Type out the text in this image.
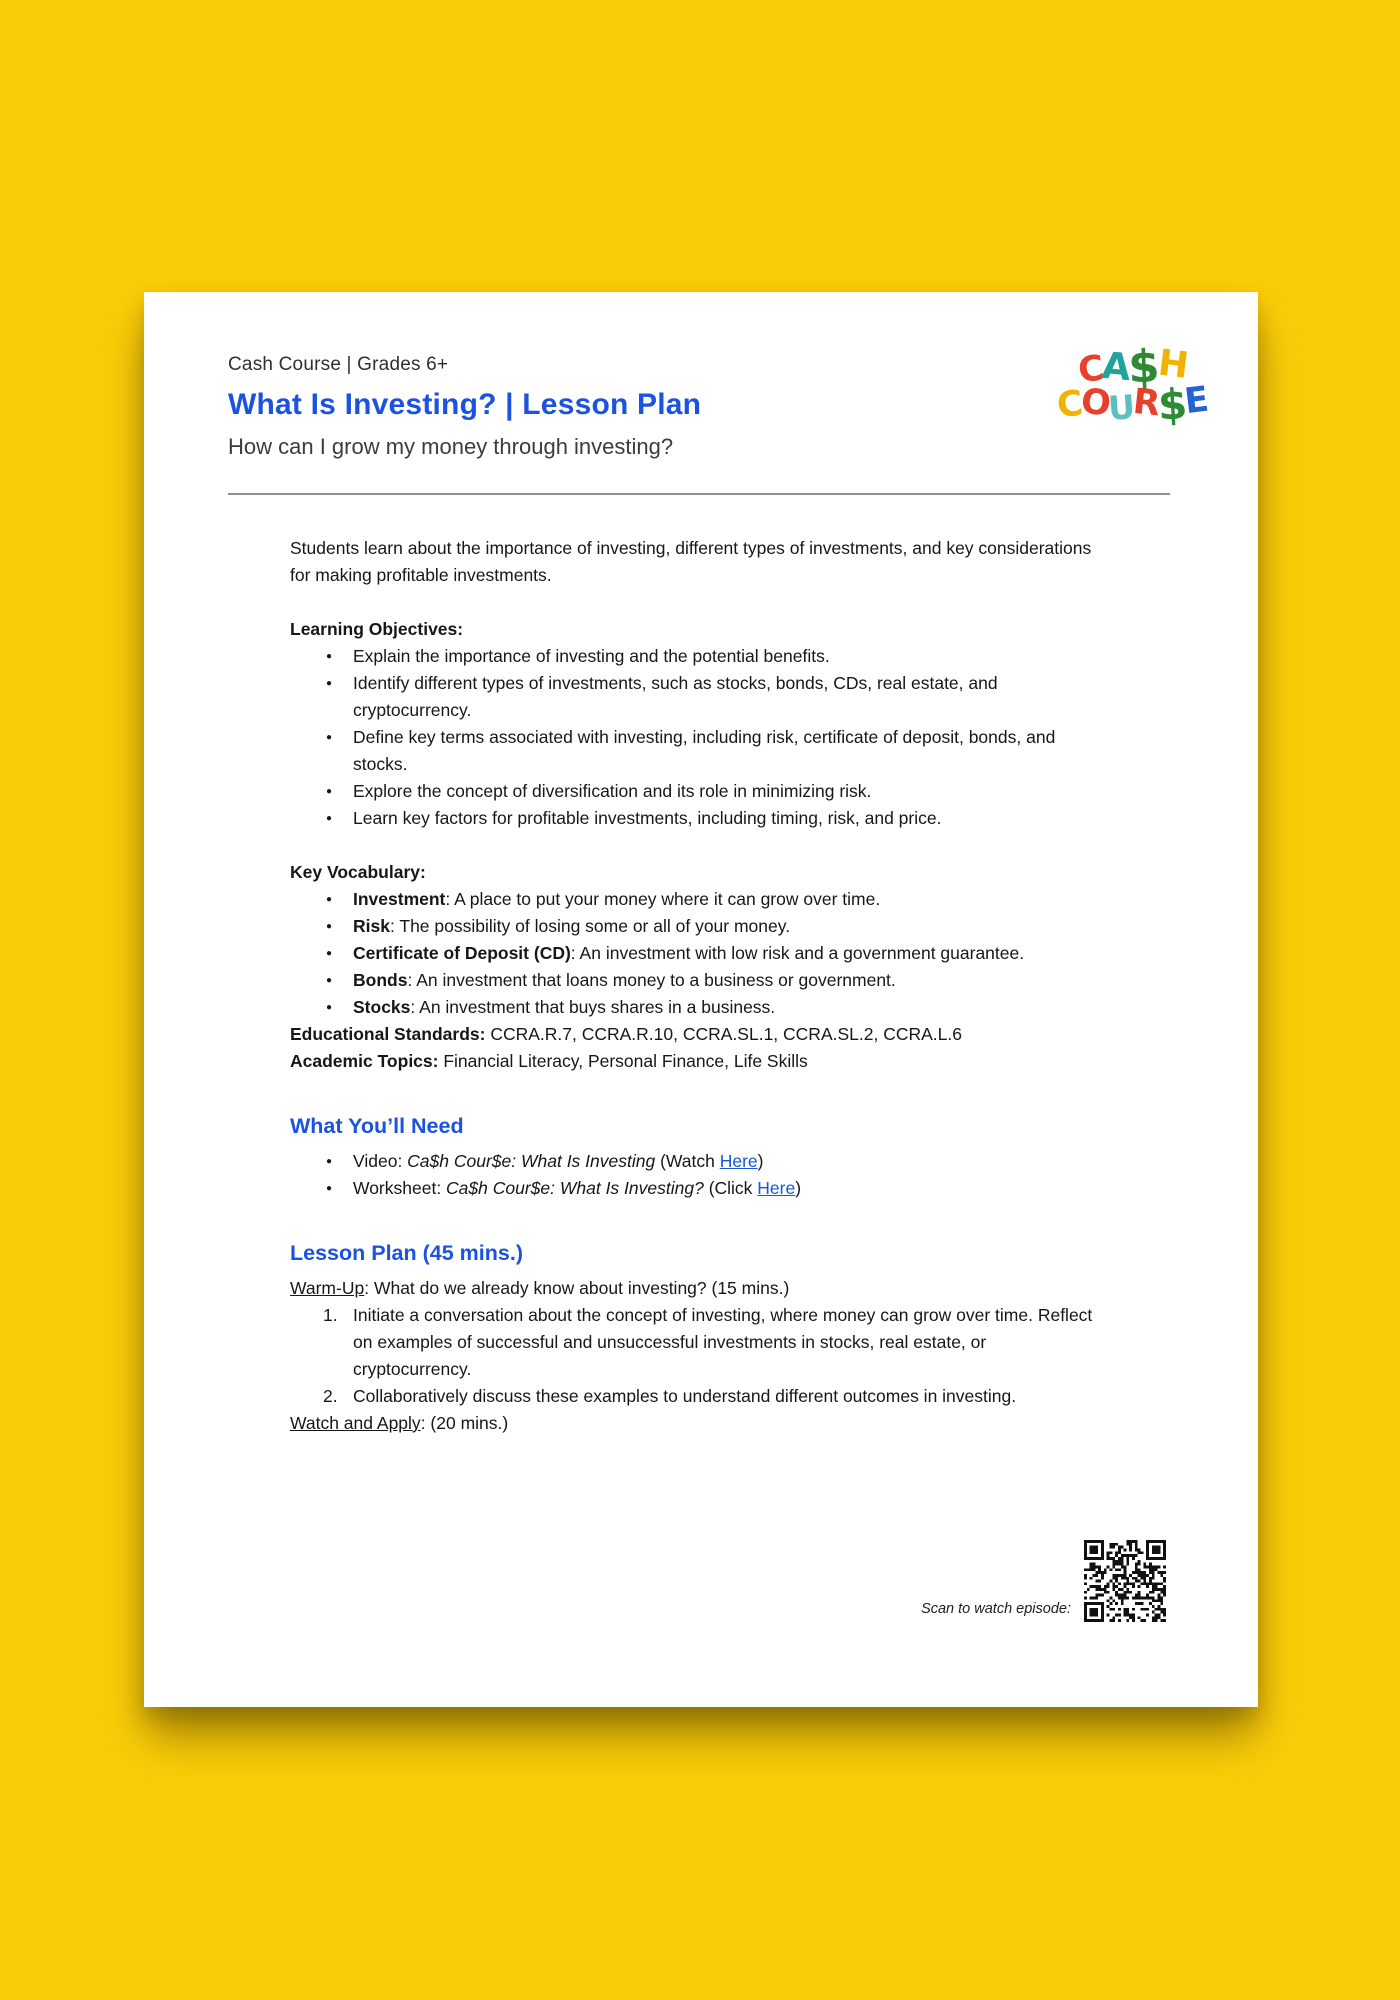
Cash Course | Grades 6+
What Is Investing? | Lesson Plan
How can I grow my money through investing?
C
A
$
H
C
O
U
R
$
E

Students learn about the importance of investing, different types of investments, and key considerations for making profitable investments.

Learning Objectives:

● Explain the importance of investing and the potential benefits.
● Identify different types of investments, such as stocks, bonds, CDs, real estate, and cryptocurrency.
● Define key terms associated with investing, including risk, certificate of deposit, bonds, and stocks.
● Explore the concept of diversification and its role in minimizing risk.
● Learn key factors for profitable investments, including timing, risk, and price.

Key Vocabulary:

● Investment: A place to put your money where it can grow over time.
● Risk: The possibility of losing some or all of your money.
● Certificate of Deposit (CD): An investment with low risk and a government guarantee.
● Bonds: An investment that loans money to a business or government.
● Stocks: An investment that buys shares in a business.

Educational Standards: CCRA.R.7, CCRA.R.10, CCRA.SL.1, CCRA.SL.2, CCRA.L.6

Academic Topics: Financial Literacy, Personal Finance, Life Skills

What You’ll Need
● Video: Ca$h Cour$e: What Is Investing (Watch Here)
● Worksheet: Ca$h Cour$e: What Is Investing? (Click Here)
Lesson Plan (45 mins.)

Warm-Up: What do we already know about investing? (15 mins.)

Initiate a conversation about the concept of investing, where money can grow over time. Reflect on examples of successful and unsuccessful investments in stocks, real estate, or cryptocurrency.
Collaboratively discuss these examples to understand different outcomes in investing.

Watch and Apply: (20 mins.)

Scan to watch episode:
